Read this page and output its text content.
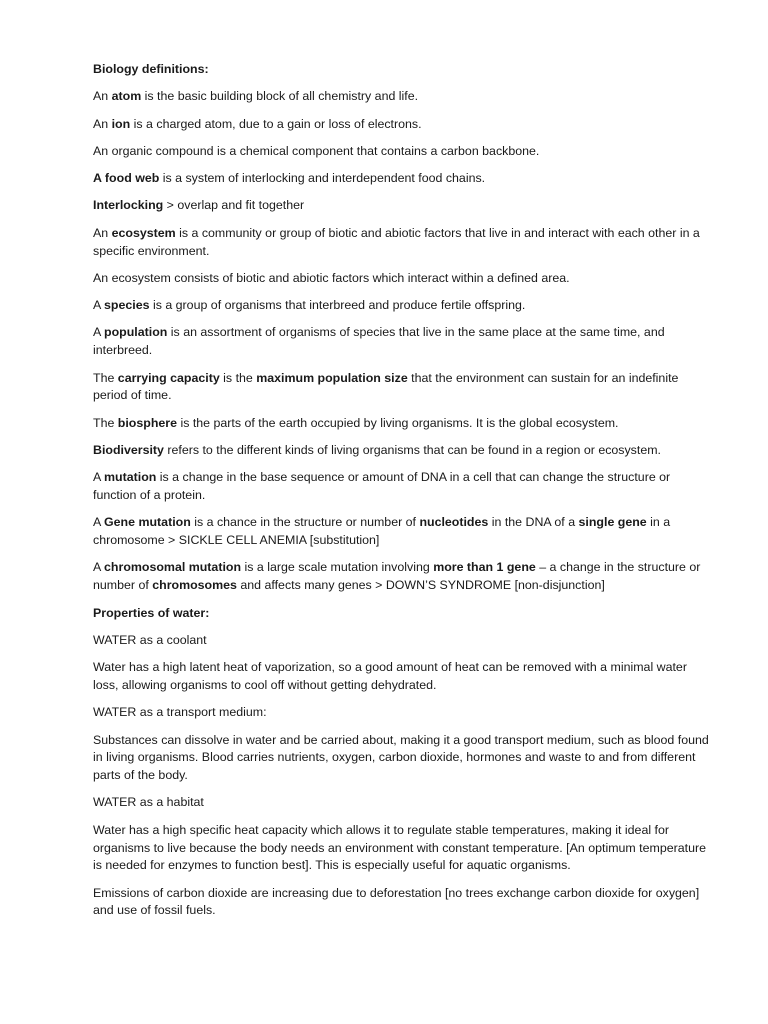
Biology definitions:

An atom is the basic building block of all chemistry and life.

An ion is a charged atom, due to a gain or loss of electrons.

An organic compound is a chemical component that contains a carbon backbone.

A food web is a system of interlocking and interdependent food chains.

Interlocking > overlap and fit together

An ecosystem is a community or group of biotic and abiotic factors that live in and interact with each other in a specific environment.

An ecosystem consists of biotic and abiotic factors which interact within a defined area.

A species is a group of organisms that interbreed and produce fertile offspring.

A population is an assortment of organisms of species that live in the same place at the same time, and interbreed.

The carrying capacity is the maximum population size that the environment can sustain for an indefinite period of time.

The biosphere is the parts of the earth occupied by living organisms. It is the global ecosystem.

Biodiversity refers to the different kinds of living organisms that can be found in a region or ecosystem.

A mutation is a change in the base sequence or amount of DNA in a cell that can change the structure or function of a protein.

A Gene mutation is a chance in the structure or number of nucleotides in the DNA of a single gene in a chromosome > SICKLE CELL ANEMIA [substitution]

A chromosomal mutation is a large scale mutation involving more than 1 gene – a change in the structure or number of chromosomes and affects many genes > DOWN’S SYNDROME [non-disjunction]

Properties of water:

WATER as a coolant

Water has a high latent heat of vaporization, so a good amount of heat can be removed with a minimal water loss, allowing organisms to cool off without getting dehydrated.

WATER as a transport medium:

Substances can dissolve in water and be carried about, making it a good transport medium, such as blood found in living organisms. Blood carries nutrients, oxygen, carbon dioxide, hormones and waste to and from different parts of the body.

WATER as a habitat

Water has a high specific heat capacity which allows it to regulate stable temperatures, making it ideal for organisms to live because the body needs an environment with constant temperature. [An optimum temperature is needed for enzymes to function best]. This is especially useful for aquatic organisms.

Emissions of carbon dioxide are increasing due to deforestation [no trees exchange carbon dioxide for oxygen] and use of fossil fuels.
